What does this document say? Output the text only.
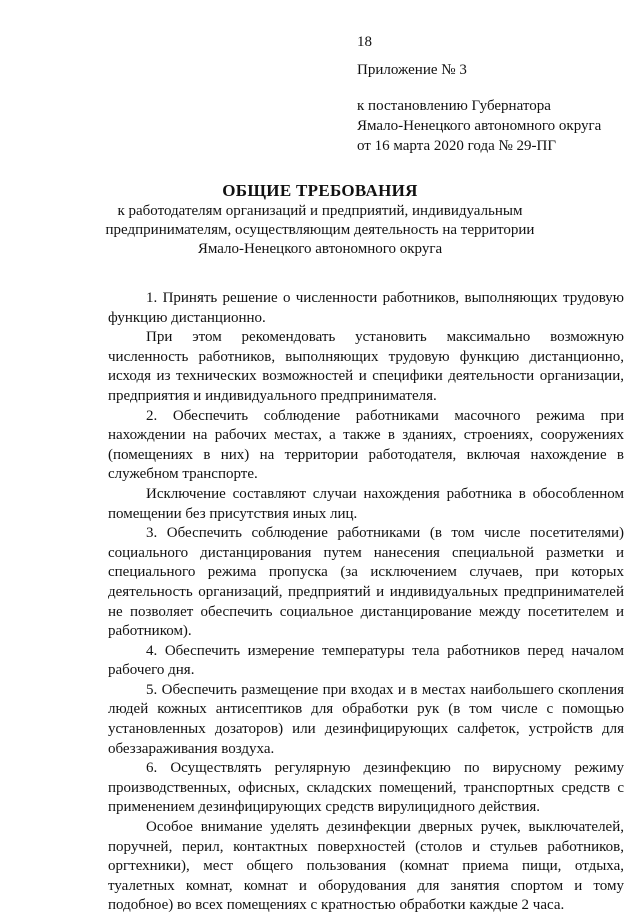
18
Приложение № 3
к постановлению Губернатора
Ямало-Ненецкого автономного округа
от 16 марта 2020 года № 29-ПГ
ОБЩИЕ ТРЕБОВАНИЯ
к работодателям организаций и предприятий, индивидуальным предпринимателям, осуществляющим деятельность на территории Ямало-Ненецкого автономного округа

1. Принять решение о численности работников, выполняющих трудовую функцию дистанционно.

При этом рекомендовать установить максимально возможную численность работников, выполняющих трудовую функцию дистанционно, исходя из технических возможностей и специфики деятельности организации, предприятия и индивидуального предпринимателя.

2. Обеспечить соблюдение работниками масочного режима при нахождении на рабочих местах, а также в зданиях, строениях, сооружениях (помещениях в них) на территории работодателя, включая нахождение в служебном транспорте.

Исключение составляют случаи нахождения работника в обособленном помещении без присутствия иных лиц.

3. Обеспечить соблюдение работниками (в том числе посетителями) социального дистанцирования путем нанесения специальной разметки и специального режима пропуска (за исключением случаев, при которых деятельность организаций, предприятий и индивидуальных предпринимателей не позволяет обеспечить социальное дистанцирование между посетителем и работником).

4. Обеспечить измерение температуры тела работников перед началом рабочего дня.

5. Обеспечить размещение при входах и в местах наибольшего скопления людей кожных антисептиков для обработки рук (в том числе с помощью установленных дозаторов) или дезинфицирующих салфеток, устройств для обеззараживания воздуха.

6. Осуществлять регулярную дезинфекцию по вирусному режиму производственных, офисных, складских помещений, транспортных средств с применением дезинфицирующих средств вирулицидного действия.

Особое внимание уделять дезинфекции дверных ручек, выключателей, поручней, перил, контактных поверхностей (столов и стульев работников, оргтехники), мест общего пользования (комнат приема пищи, отдыха, туалетных комнат, комнат и оборудования для занятия спортом и тому подобное) во всех помещениях с кратностью обработки каждые 2 часа.
